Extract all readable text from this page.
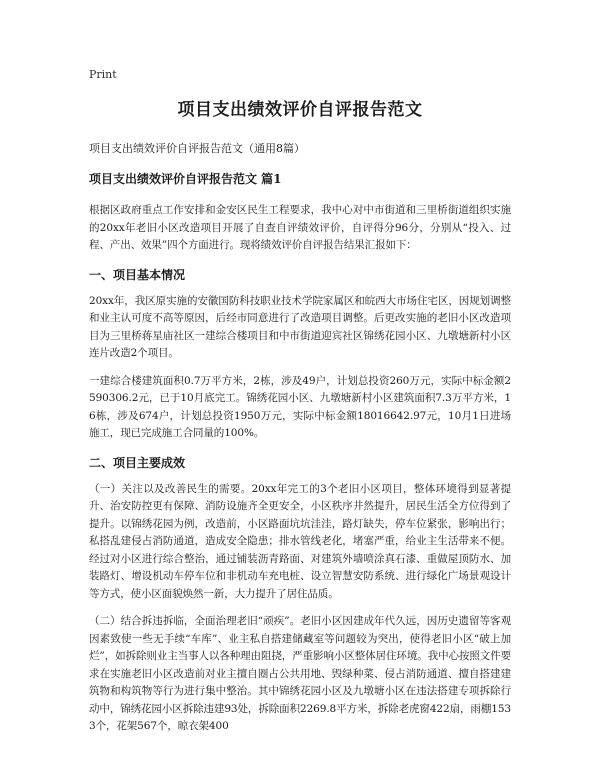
Print
项目支出绩效评价自评报告范文
项目支出绩效评价自评报告范文（通用8篇）
项目支出绩效评价自评报告范文 篇1

根据区政府重点工作安排和金安区民生工程要求，我中心对中市街道和三里桥街道组织实施的20xx年老旧小区改造项目开展了自查自评绩效评价，自评得分96分，分别从“投入、过程、产出、效果”四个方面进行。现将绩效评价自评报告结果汇报如下：

一、项目基本情况

20xx年，我区原实施的安徽国防科技职业技术学院家属区和皖西大市场住宅区，因规划调整和业主认可度不高等原因，后经市同意进行了改造项目调整。后更改实施的老旧小区改造项目为三里桥蒋星庙社区一建综合楼项目和中市街道迎宾社区锦绣花园小区、九墩塘新村小区连片改造2个项目。

一建综合楼建筑面积0.7万平方米，2栋，涉及49户，计划总投资260万元，实际中标金额2590306.2元，已于10月底完工。锦绣花园小区、九墩塘新村小区建筑面积7.3万平方米，16栋，涉及674户，计划总投资1950万元，实际中标金额18016642.97元，10月1日进场施工，现已完成施工合同量的100%。

二、项目主要成效

（一）关注以及改善民生的需要。20xx年完工的3个老旧小区项目，整体环境得到显著提升、治安防控更有保障、消防设施齐全更安全，小区秩序井然提升，居民生活全方位得到了提升。以锦绣花园为例，改造前，小区路面坑坑洼洼，路灯缺失，停车位紧张，影响出行；私搭乱建侵占消防通道，造成安全隐患；排水管线老化，堵塞严重，给业主生活带来不便。经过对小区进行综合整治，通过铺装沥青路面、对建筑外墙喷涂真石漆、重做屋顶防水、加装路灯、增设机动车停车位和非机动车充电桩、设立智慧安防系统、进行绿化广场景观设计等方式，使小区面貌焕然一新，大力提升了居住品质。

（二）结合拆违拆临，全面治理老旧“顽疾”。老旧小区因建成年代久远，因历史遗留等客观因素致使一些无手续“车库”、业主私自搭建储藏室等问题较为突出，使得老旧小区“破上加烂”，如拆除则业主当事人以各种理由阻挠，严重影响小区整体居住环境。我中心按照文件要求在实施老旧小区改造前对业主擅自圈占公共用地、毁绿种菜、侵占消防通道、擅自搭建建筑物和构筑物等行为进行集中整治。其中锦绣花园小区及九墩塘小区在违法搭建专项拆除行动中，锦绣花园小区拆除违建93处，拆除面积2269.8平方米，拆除老虎窗422扇，雨棚1533个，花架567个，晾衣架400
